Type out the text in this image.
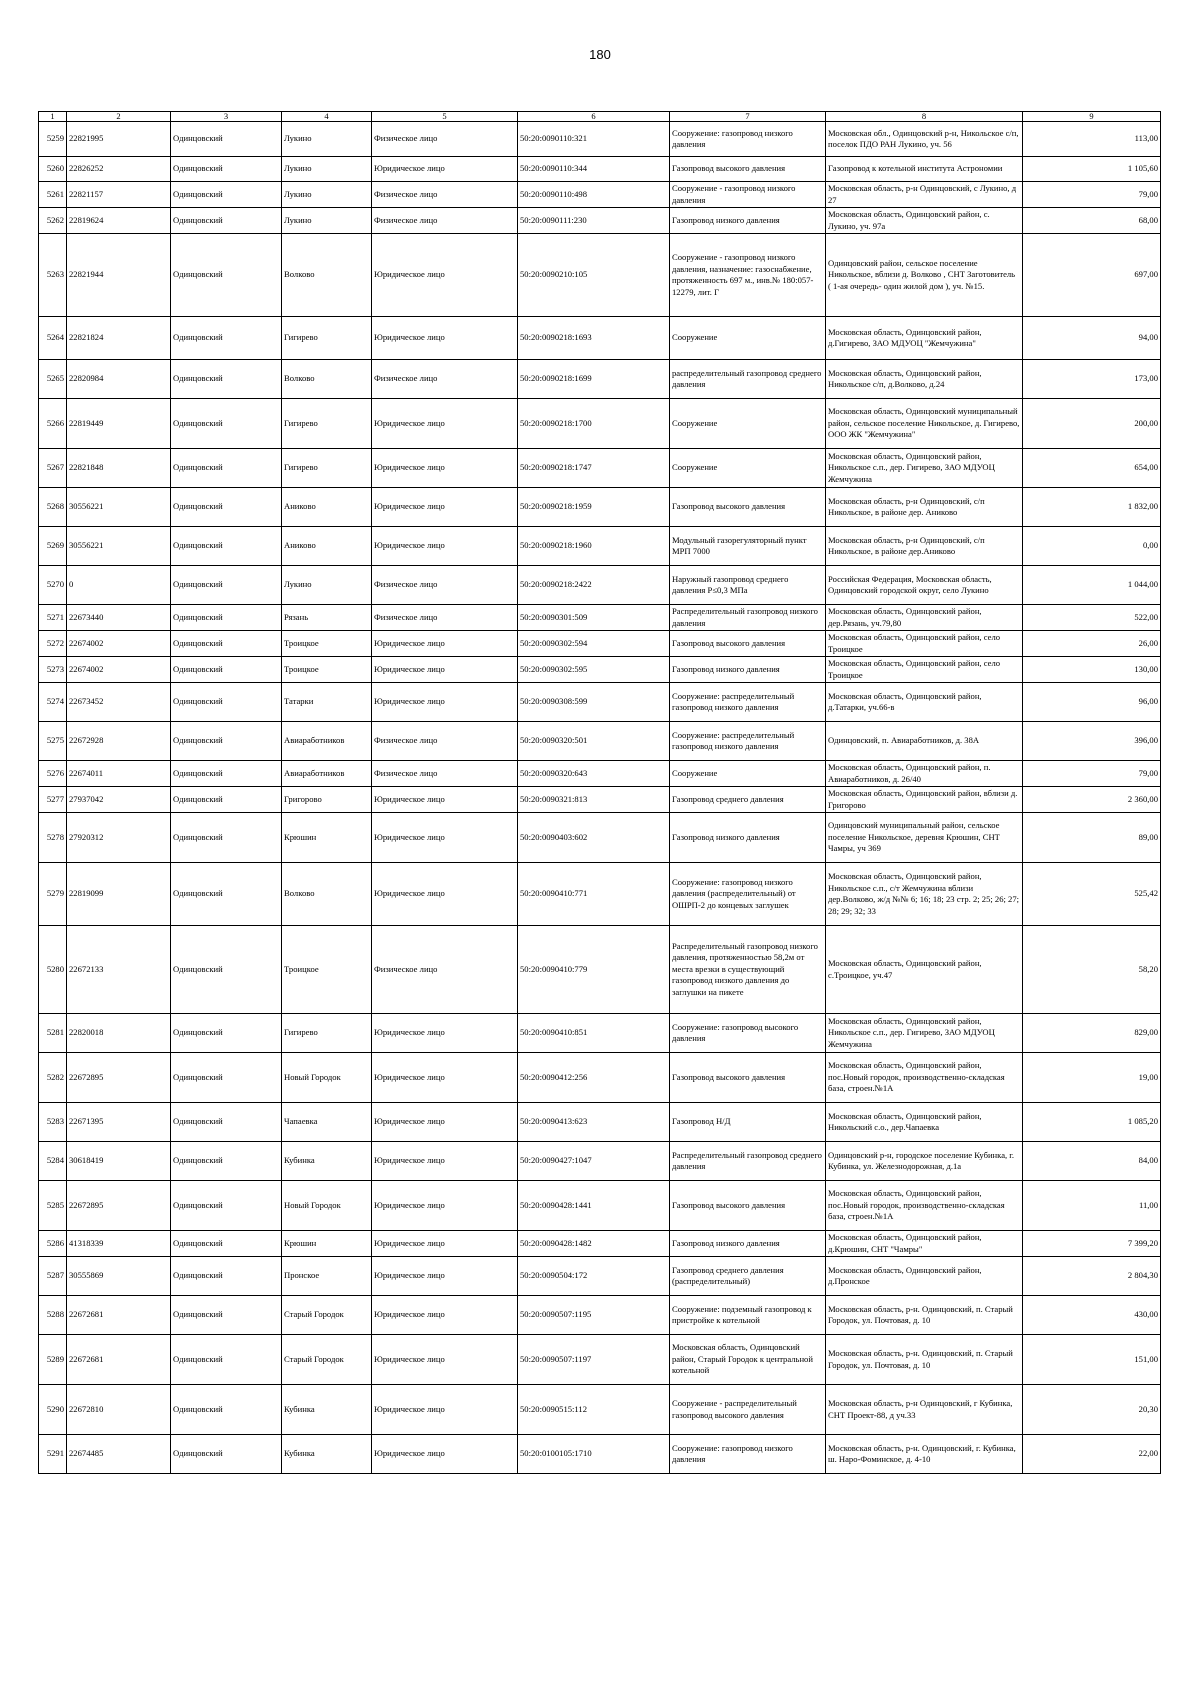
180
1	2	3	4	5	6	7	8	9
5259	22821995	Одинцовский	Лукино	Физическое лицо	50:20:0090110:321	Сооружение: газопровод низкого давления	Московская обл., Одинцовский р-н, Никольское с/п, поселок ПДО РАН Лукино, уч. 56	113,00
5260	22826252	Одинцовский	Лукино	Юридическое лицо	50:20:0090110:344	Газопровод высокого давления	Газопровод к котельной института Астрономии	1 105,60
5261	22821157	Одинцовский	Лукино	Физическое лицо	50:20:0090110:498	Сооружение - газопровод низкого давления	Московская область, р-н Одинцовский, с Лукино, д 27	79,00
5262	22819624	Одинцовский	Лукино	Физическое лицо	50:20:0090111:230	Газопровод низкого давления	Московская область, Одинцовский район, с. Лукино, уч. 97а	68,00
5263	22821944	Одинцовский	Волково	Юридическое лицо	50:20:0090210:105	Сооружение - газопровод низкого давления, назначение: газоснабжение, протяженность 697 м., инв.№ 180:057-12279, лит. Г	Одинцовский район, сельское поселение Никольское, вблизи д. Волково , СНТ Заготовитель ( 1-ая очередь- один жилой дом ), уч. №15.	697,00
5264	22821824	Одинцовский	Гигирево	Юридическое лицо	50:20:0090218:1693	Сооружение	Московская область, Одинцовский район, д.Гигирево, ЗАО МДУОЦ "Жемчужина"	94,00
5265	22820984	Одинцовский	Волково	Физическое лицо	50:20:0090218:1699	распределительный газопровод среднего давления	Московская область, Одинцовский район, Никольское с/п, д.Волково, д.24	173,00
5266	22819449	Одинцовский	Гигирево	Юридическое лицо	50:20:0090218:1700	Сооружение	Московская область, Одинцовский муниципальный район, сельское поселение Никольское, д. Гигирево, ООО ЖК "Жемчужина"	200,00
5267	22821848	Одинцовский	Гигирево	Юридическое лицо	50:20:0090218:1747	Сооружение	Московская область, Одинцовский район, Никольское с.п., дер. Гигирево, ЗАО МДУОЦ Жемчужина	654,00
5268	30556221	Одинцовский	Аниково	Юридическое лицо	50:20:0090218:1959	Газопровод высокого давления	Московская область, р-н Одинцовский, с/п Никольское, в районе дер. Аниково	1 832,00
5269	30556221	Одинцовский	Аниково	Юридическое лицо	50:20:0090218:1960	Модульный газорегуляторный пункт МРП 7000	Московская область, р-н Одинцовский, с/п Никольское, в районе дер.Аниково	0,00
5270	0	Одинцовский	Лукино	Физическое лицо	50:20:0090218:2422	Наружный газопровод среднего давления P≤0,3 МПа	Российская Федерация, Московская область, Одинцовский городской округ, село Лукино	1 044,00
5271	22673440	Одинцовский	Рязань	Физическое лицо	50:20:0090301:509	Распределительный газопровод низкого давления	Московская область, Одинцовский район, дер.Рязань, уч.79,80	522,00
5272	22674002	Одинцовский	Троицкое	Юридическое лицо	50:20:0090302:594	Газопровод высокого давления	Московская область, Одинцовский район, село Троицкое	26,00
5273	22674002	Одинцовский	Троицкое	Юридическое лицо	50:20:0090302:595	Газопровод низкого давления	Московская область, Одинцовский район, село Троицкое	130,00
5274	22673452	Одинцовский	Татарки	Юридическое лицо	50:20:0090308:599	Сооружение: распределительный газопровод низкого давления	Московская область, Одинцовский район, д.Татарки, уч.66-в	96,00
5275	22672928	Одинцовский	Авиаработников	Физическое лицо	50:20:0090320:501	Сооружение: распределительный газопровод низкого давления	Одинцовский, п. Авиаработников, д. 38А	396,00
5276	22674011	Одинцовский	Авиаработников	Физическое лицо	50:20:0090320:643	Сооружение	Московская область, Одинцовский район, п. Авиаработников, д. 26/40	79,00
5277	27937042	Одинцовский	Григорово	Юридическое лицо	50:20:0090321:813	Газопровод среднего давления	Московская область, Одинцовский район, вблизи д. Григорово	2 360,00
5278	27920312	Одинцовский	Крюшин	Юридическое лицо	50:20:0090403:602	Газопровод низкого давления	Одинцовский муниципальный район, сельское поселение Никольское, деревня Крюшин, СНТ Чамры, уч 369	89,00
5279	22819099	Одинцовский	Волково	Юридическое лицо	50:20:0090410:771	Сооружение: газопровод низкого давления (распределительный) от ОШРП-2 до концевых заглушек	Московская область, Одинцовский район, Никольское с.п., с/т Жемчужина вблизи дер.Волково, ж/д №№ 6; 16; 18; 23 стр. 2; 25; 26; 27; 28; 29; 32; 33	525,42
5280	22672133	Одинцовский	Троицкое	Физическое лицо	50:20:0090410:779	Распределительный газопровод низкого давления, протяженностью 58,2м от места врезки в существующий газопровод низкого давления до заглушки на пикете	Московская область, Одинцовский район, с.Троицкое, уч.47	58,20
5281	22820018	Одинцовский	Гигирево	Юридическое лицо	50:20:0090410:851	Сооружение: газопровод высокого давления	Московская область, Одинцовский район, Никольское с.п., дер. Гигирево, ЗАО МДУОЦ Жемчужина	829,00
5282	22672895	Одинцовский	Новый Городок	Юридическое лицо	50:20:0090412:256	Газопровод высокого давления	Московская область, Одинцовский район, пос.Новый городок, производственно-складская база, строен.№1А	19,00
5283	22671395	Одинцовский	Чапаевка	Юридическое лицо	50:20:0090413:623	Газопровод Н/Д	Московская область, Одинцовский район, Никольский с.о., дер.Чапаевка	1 085,20
5284	30618419	Одинцовский	Кубинка	Юридическое лицо	50:20:0090427:1047	Распределительный газопровод среднего давления	Одинцовский р-н, городское поселение Кубинка, г. Кубинка, ул. Железнодорожная, д.1а	84,00
5285	22672895	Одинцовский	Новый Городок	Юридическое лицо	50:20:0090428:1441	Газопровод высокого давления	Московская область, Одинцовский район, пос.Новый городок, производственно-складская база, строен.№1А	11,00
5286	41318339	Одинцовский	Крюшин	Юридическое лицо	50:20:0090428:1482	Газопровод низкого давления	Московская область, Одинцовский район, д.Крюшин, СНТ "Чамры"	7 399,20
5287	30555869	Одинцовский	Пронское	Юридическое лицо	50:20:0090504:172	Газопровод среднего давления (распределительный)	Московская область, Одинцовский район, д.Пронское	2 804,30
5288	22672681	Одинцовский	Старый Городок	Юридическое лицо	50:20:0090507:1195	Сооружение: подземный газопровод к пристройке к котельной	Московская область, р-н. Одинцовский, п. Старый Городок, ул. Почтовая, д. 10	430,00
5289	22672681	Одинцовский	Старый Городок	Юридическое лицо	50:20:0090507:1197	Московская область, Одинцовский район, Старый Городок к центральной котельной	Московская область, р-н. Одинцовский, п. Старый Городок, ул. Почтовая, д. 10	151,00
5290	22672810	Одинцовский	Кубинка	Юридическое лицо	50:20:0090515:112	Сооружение - распределительный газопровод высокого давления	Московская область, р-н Одинцовский, г Кубинка, СНТ Проект-88, д уч.33	20,30
5291	22674485	Одинцовский	Кубинка	Юридическое лицо	50:20:0100105:1710	Сооружение: газопровод низкого давления	Московская область, р-н. Одинцовский, г. Кубинка, ш. Наро-Фоминское, д. 4-10	22,00
